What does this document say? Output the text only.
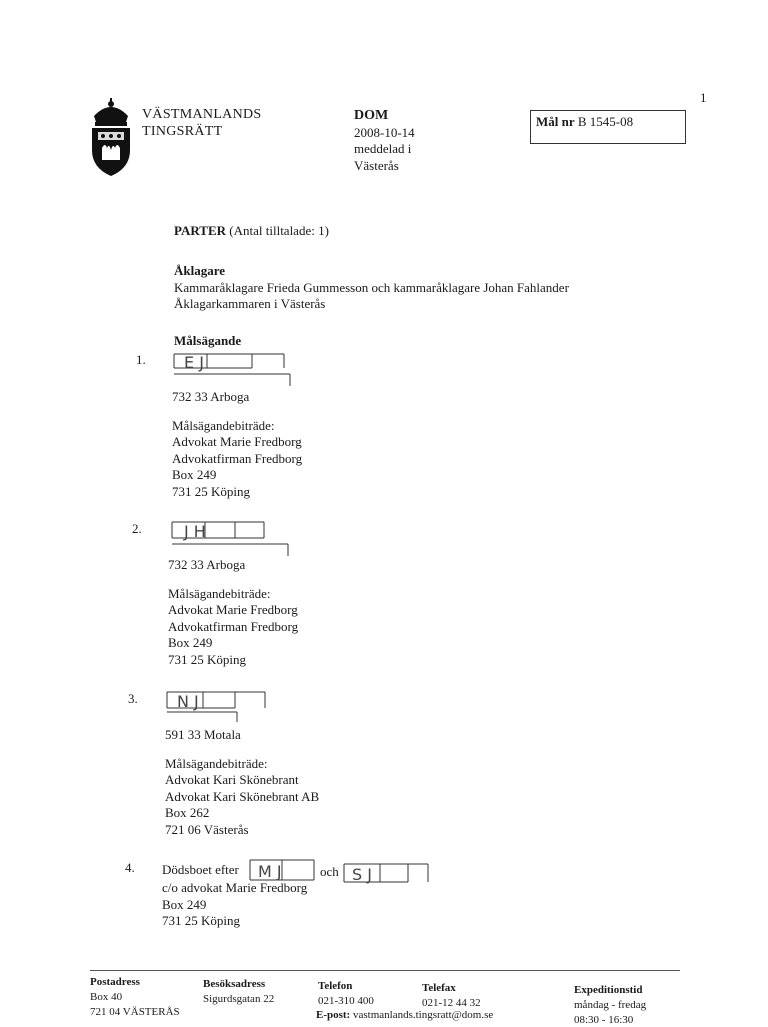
1
VÄSTMANLANDS
TINGSRÄTT
DOM
2008-10-14
meddelad i
Västerås
Mål nr B 1545-08
PARTER (Antal tilltalade: 1)
Åklagare
Kammaråklagare Frieda Gummesson och kammaråklagare Johan Fahlander
Åklagarkammaren i Västerås
Målsägande
1. E J
732 33 Arboga
Målsägandebiträde:
Advokat Marie Fredborg
Advokatfirman Fredborg
Box 249
731 25 Köping
2.	J H
732 33 Arboga
Målsägandebiträde:
Advokat Marie Fredborg
Advokatfirman Fredborg
Box 249
731 25 Köping
3. N J
591 33 Motala
Målsägandebiträde:
Advokat Kari Skönebrant
Advokat Kari Skönebrant AB
Box 262
721 06 Västerås
4. Dödsboet efter M J	och S J
c/o advokat Marie Fredborg
Box 249
731 25 Köping
Postadress
Box 40
721 04 VÄSTERÅS
Besöksadress
Sigurdsgatan 22
Telefon
021-310 400
Telefax
021-12 44 32
E-post: vastmanlands.tingsratt@dom.se
Expeditionstid
måndag - fredag
08:30 - 16:30
